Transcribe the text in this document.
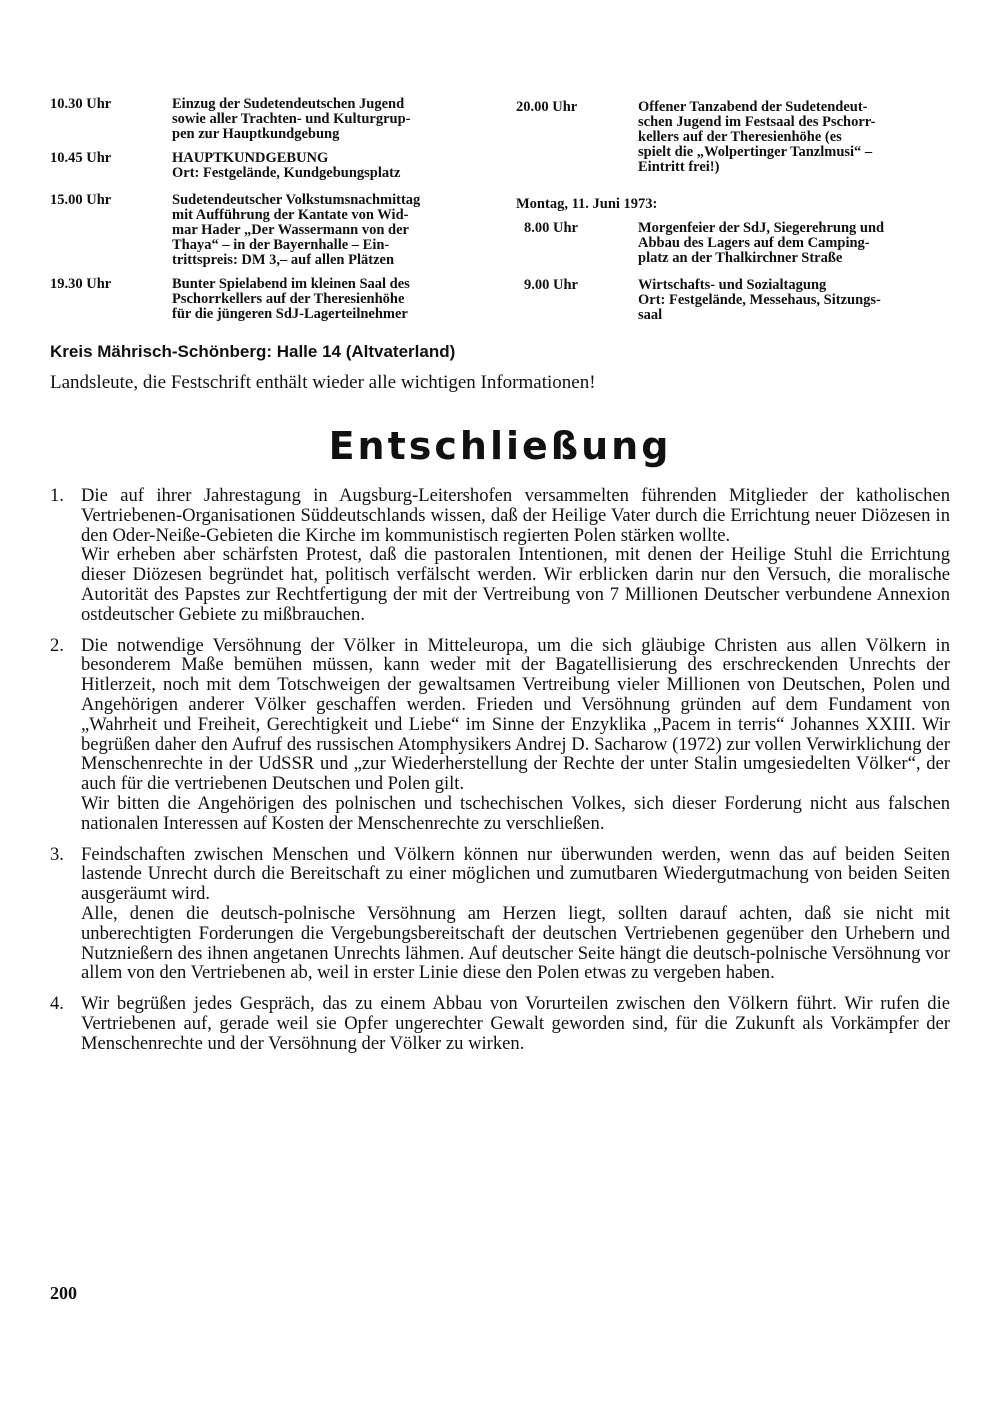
10.30 Uhr	Einzug der Sudetendeutschen Jugend
sowie aller Trachten- und Kulturgrup-
pen zur Hauptkundgebung
10.45 Uhr	HAUPTKUNDGEBUNG
Ort: Festgelände, Kundgebungsplatz
15.00 Uhr	Sudetendeutscher Volkstumsnachmittag
mit Aufführung der Kantate von Wid-
mar Hader „Der Wassermann von der
Thaya“ – in der Bayernhalle – Ein-
trittspreis: DM 3,– auf allen Plätzen
19.30 Uhr	Bunter Spielabend im kleinen Saal des
Pschorrkellers auf der Theresienhöhe
für die jüngeren SdJ-Lagerteilnehmer
20.00 Uhr	Offener Tanzabend der Sudetendeut-
schen Jugend im Festsaal des Pschorr-
kellers auf der Theresienhöhe (es
spielt die „Wolpertinger Tanzlmusi“ –
Eintritt frei!)
Montag, 11. Juni 1973:
8.00 Uhr	Morgenfeier der SdJ, Siegerehrung und
Abbau des Lagers auf dem Camping-
platz an der Thalkirchner Straße
9.00 Uhr	Wirtschafts- und Sozialtagung
Ort: Festgelände, Messehaus, Sitzungs-
saal
Kreis Mährisch-Schönberg: Halle 14 (Altvaterland)
Landsleute, die Festschrift enthält wieder alle wichtigen Informationen!
Entschließung
1. Die auf ihrer Jahrestagung in Augsburg-Leitershofen versammelten führenden Mitglieder der katholischen Vertriebenen-Organisationen Süddeutschlands wissen, daß der Heilige Vater durch die Errichtung neuer Diözesen in den Oder-Neiße-Gebieten die Kirche im kommunistisch regierten Polen stärken wollte.

Wir erheben aber schärfsten Protest, daß die pastoralen Intentionen, mit denen der Heilige Stuhl die Errichtung dieser Diözesen begründet hat, politisch verfälscht werden. Wir erblicken darin nur den Versuch, die moralische Autorität des Papstes zur Rechtfertigung der mit der Vertreibung von 7 Millionen Deutscher verbundene Annexion ostdeutscher Gebiete zu mißbrauchen.

2. Die notwendige Versöhnung der Völker in Mitteleuropa, um die sich gläubige Christen aus allen Völkern in besonderem Maße bemühen müssen, kann weder mit der Bagatellisierung des erschreckenden Unrechts der Hitlerzeit, noch mit dem Totschweigen der gewaltsamen Vertreibung vieler Millionen von Deutschen, Polen und Angehörigen anderer Völker geschaffen werden. Frieden und Versöhnung gründen auf dem Fundament von „Wahrheit und Freiheit, Gerechtigkeit und Liebe“ im Sinne der Enzyklika „Pacem in terris“ Johannes XXIII. Wir begrüßen daher den Aufruf des russischen Atomphysikers Andrej D. Sacharow (1972) zur vollen Verwirklichung der Menschenrechte in der UdSSR und „zur Wiederherstellung der Rechte der unter Stalin umgesiedelten Völker“, der auch für die vertriebenen Deutschen und Polen gilt.

Wir bitten die Angehörigen des polnischen und tschechischen Volkes, sich dieser Forderung nicht aus falschen nationalen Interessen auf Kosten der Menschenrechte zu verschließen.

3. Feindschaften zwischen Menschen und Völkern können nur überwunden werden, wenn das auf beiden Seiten lastende Unrecht durch die Bereitschaft zu einer möglichen und zumutbaren Wiedergutmachung von beiden Seiten ausgeräumt wird.

Alle, denen die deutsch-polnische Versöhnung am Herzen liegt, sollten darauf achten, daß sie nicht mit unberechtigten Forderungen die Vergebungsbereitschaft der deutschen Vertriebenen gegenüber den Urhebern und Nutznießern des ihnen angetanen Unrechts lähmen. Auf deutscher Seite hängt die deutsch-polnische Versöhnung vor allem von den Vertriebenen ab, weil in erster Linie diese den Polen etwas zu vergeben haben.

4. Wir begrüßen jedes Gespräch, das zu einem Abbau von Vorurteilen zwischen den Völkern führt. Wir rufen die Vertriebenen auf, gerade weil sie Opfer ungerechter Gewalt geworden sind, für die Zukunft als Vorkämpfer der Menschenrechte und der Versöhnung der Völker zu wirken.

200
